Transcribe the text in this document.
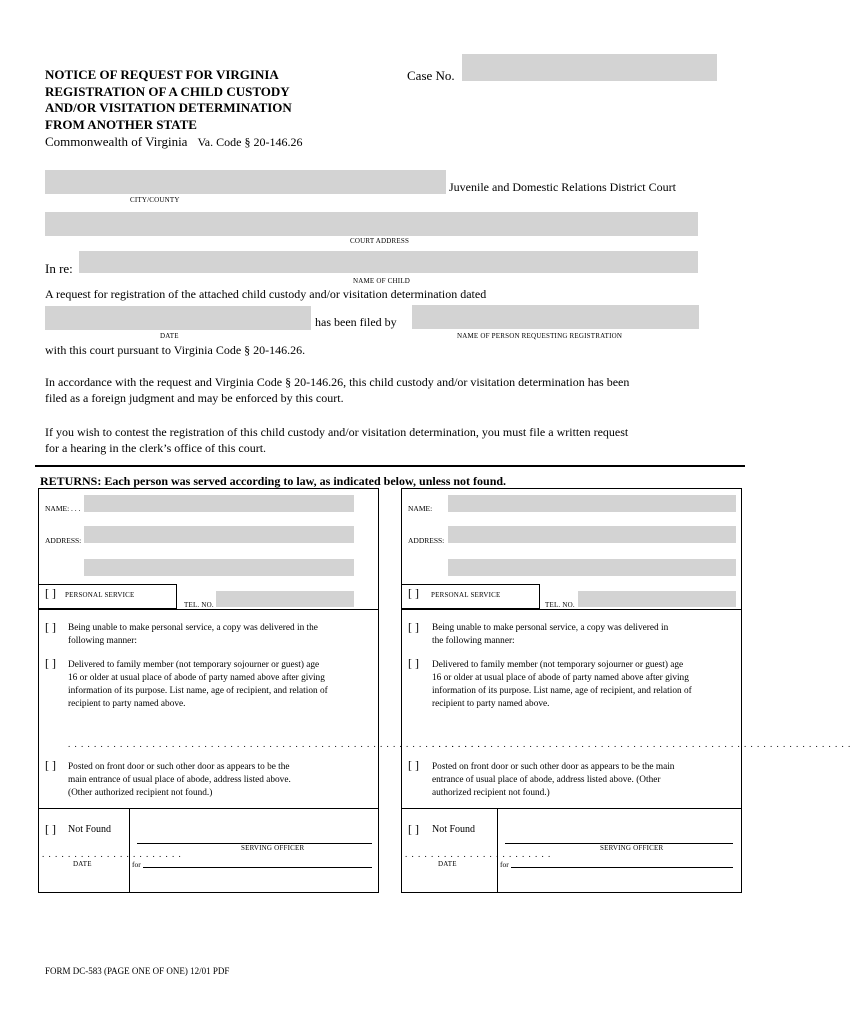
NOTICE OF REQUEST FOR VIRGINIA
REGISTRATION OF A CHILD CUSTODY
AND/OR VISITATION DETERMINATION
FROM ANOTHER STATE
Commonwealth of Virginia Va. Code § 20-146.26
Case No.
Juvenile and Domestic Relations District Court
CITY/COUNTY
COURT ADDRESS
In re:
NAME OF CHILD
A request for registration of the attached child custody and/or visitation determination dated
has been filed by
DATE	NAME OF PERSON REQUESTING REGISTRATION
with this court pursuant to Virginia Code § 20-146.26.
In accordance with the request and Virginia Code § 20-146.26, this child custody and/or visitation determination has been
filed as a foreign judgment and may be enforced by this court.
If you wish to contest the registration of this child custody and/or visitation determination, you must file a written request
for a hearing in the clerk’s office of this court.
RETURNS: Each person was served according to law, as indicated below, unless not found.
NAME: . . .
ADDRESS:
[ ] PERSONAL SERVICE
TEL. NO.
[ ] Being unable to make personal service, a copy was delivered in the
following manner:
[ ] Delivered to family member (not temporary sojourner or guest) age
16 or older at usual place of abode of party named above after giving
information of its purpose. List name, age of recipient, and relation of
recipient to party named above.
. . . . . . . . . . . . . . . . . . . . . . . . . . . . . . . . . . . . . . . . . . . . . . . . . . . . . . . . . . . . . . . . .
[ ] Posted on front door or such other door as appears to be the
main entrance of usual place of abode, address listed above.
(Other authorized recipient not found.)
[ ] Not Found
SERVING OFFICER
. . . . . . . . . . . . . . . . . . . . . .
DATE	for
NAME:
ADDRESS:
[ ] PERSONAL SERVICE
TEL. NO.
[ ] Being unable to make personal service, a copy was delivered in
the following manner:
[ ] Delivered to family member (not temporary sojourner or guest) age
16 or older at usual place of abode of party named above after giving
information of its purpose. List name, age of recipient, and relation of
recipient to party named above.
. . . . . . . . . . . . . . . . . . . . . . . . . . . . . . . . . . . . . . . . . . . . . . . . . . . . . . . . . . . . . . . . .
[ ] Posted on front door or such other door as appears to be the main
entrance of usual place of abode, address listed above. (Other
authorized recipient not found.)
[ ] Not Found
SERVING OFFICER
. . . . . . . . . . . . . . . . . . . . . . .
DATE	for
FORM DC-583 (PAGE ONE OF ONE) 12/01 PDF
